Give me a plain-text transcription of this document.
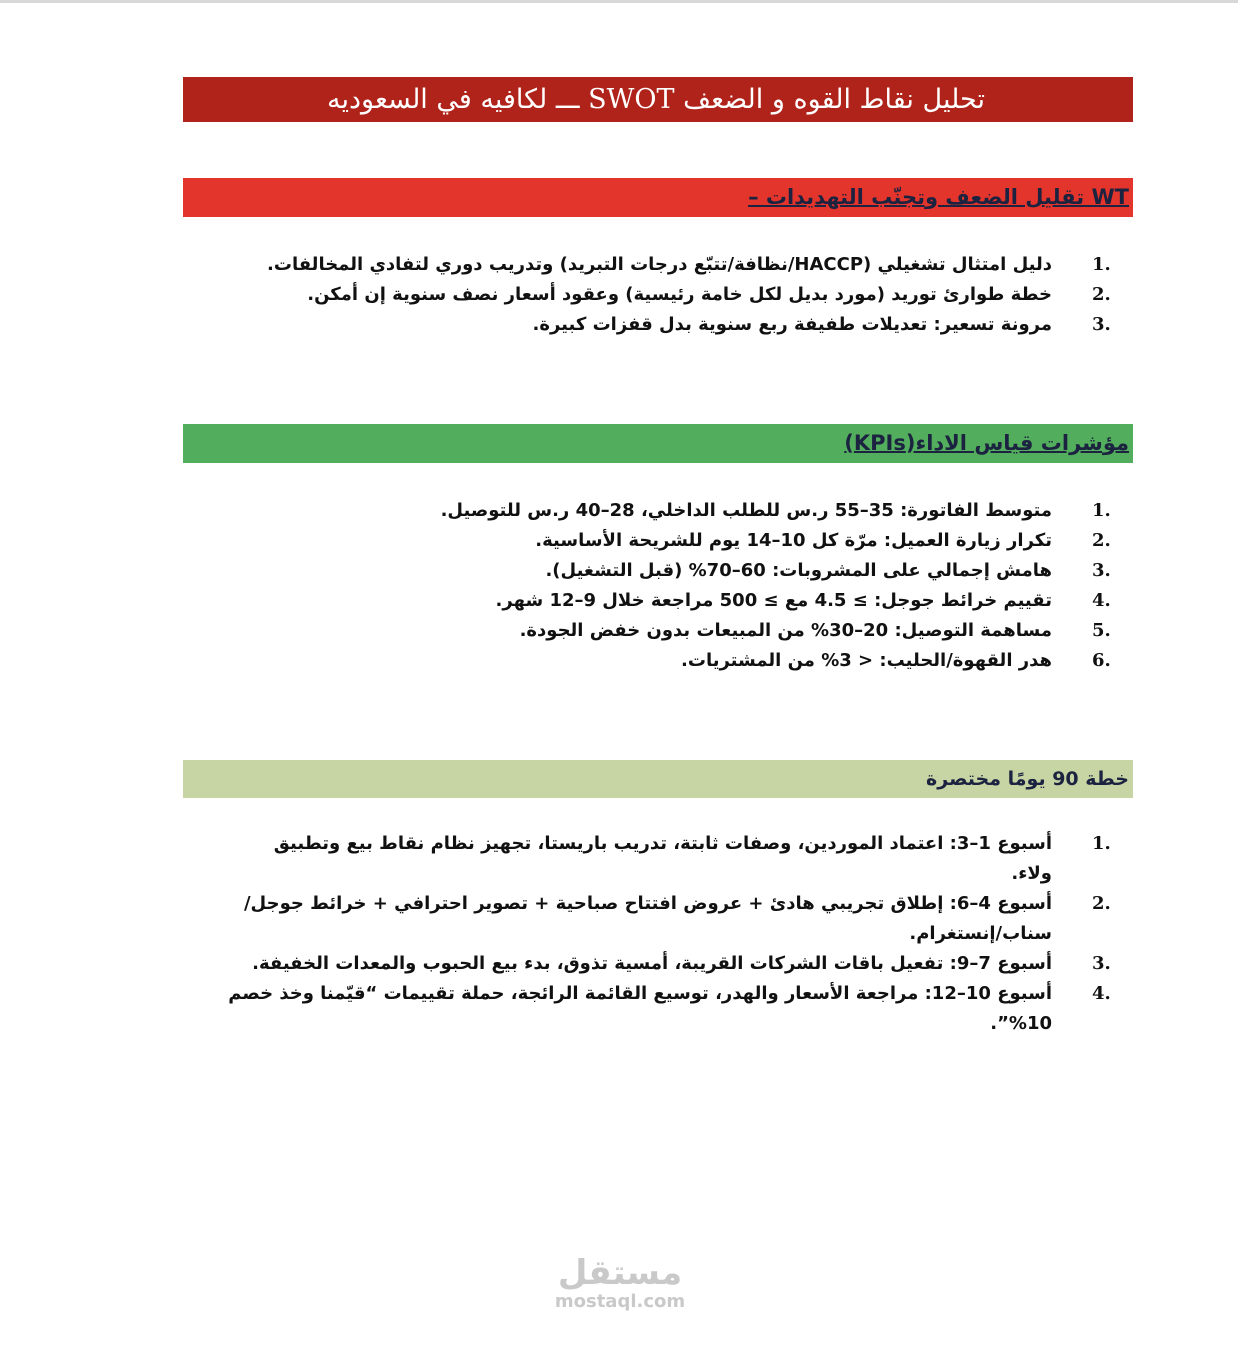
تحليل نقاط القوه و الضعف SWOT ـــ لكافيه في السعوديه
WT تقليل الضعف وتجنّب التهديدات –
1.
دليل امتثال تشغيلي (HACCP/نظافة/تتبّع درجات التبريد) وتدريب دوري لتفادي المخالفات.
2.
خطة طوارئ توريد (مورد بديل لكل خامة رئيسية) وعقود أسعار نصف سنوية إن أمكن.
3.
مرونة تسعير: تعديلات طفيفة ربع سنوية بدل قفزات كبيرة.
مؤشرات قياس الاداء(KPIs)
1.
متوسط الفاتورة: 35–55 ر.س للطلب الداخلي، 28–40 ر.س للتوصيل.
2.
تكرار زيارة العميل: مرّة كل 10–14 يوم للشريحة الأساسية.
3.
هامش إجمالي على المشروبات: 60–70% (قبل التشغيل).
4.
تقييم خرائط جوجل: ≥ 4.5 مع ≥ 500 مراجعة خلال 9–12 شهر.
5.
مساهمة التوصيل: 20–30% من المبيعات بدون خفض الجودة.
6.
هدر القهوة/الحليب: < 3% من المشتريات.
خطة 90 يومًا مختصرة
1.
أسبوع 1–3: اعتماد الموردين، وصفات ثابتة، تدريب باريستا، تجهيز نظام نقاط بيع وتطبيق ولاء.
2.
أسبوع 4–6: إطلاق تجريبي هادئ + عروض افتتاح صباحية + تصوير احترافي + خرائط جوجل/سناب/إنستغرام.
3.
أسبوع 7–9: تفعيل باقات الشركات القريبة، أمسية تذوق، بدء بيع الحبوب والمعدات الخفيفة.
4.
أسبوع 10–12: مراجعة الأسعار والهدر، توسيع القائمة الرائجة، حملة تقييمات “قيّمنا وخذ خصم 10%”.
مستقل
mostaql.com
